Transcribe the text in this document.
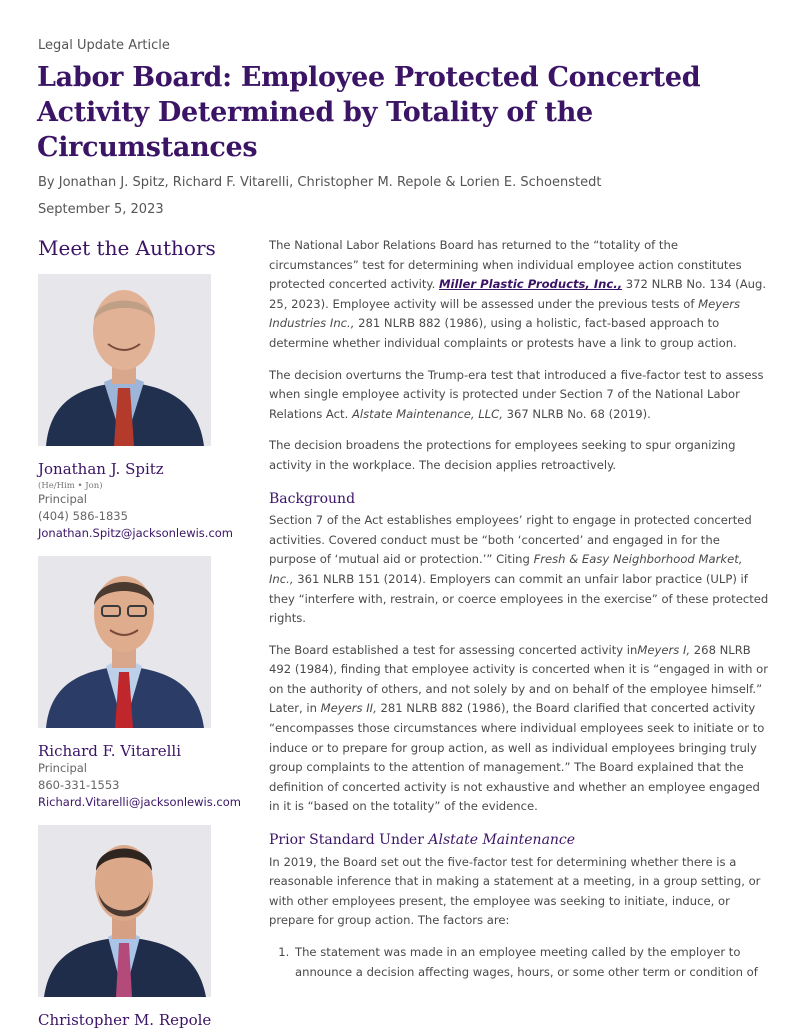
Legal Update Article
Labor Board: Employee Protected Concerted Activity Determined by Totality of the Circumstances
By Jonathan J. Spitz, Richard F. Vitarelli, Christopher M. Repole & Lorien E. Schoenstedt
September 5, 2023
Meet the Authors
Jonathan J. Spitz
(He/Him • Jon)
Principal
(404) 586-1835
Jonathan.Spitz@jacksonlewis.com
Richard F. Vitarelli
Principal
860-331-1553
Richard.Vitarelli@jacksonlewis.com
Christopher M. Repole

The National Labor Relations Board has returned to the “totality of the circumstances” test for determining when individual employee action constitutes protected concerted activity. Miller Plastic Products, Inc., 372 NLRB No. 134 (Aug. 25, 2023). Employee activity will be assessed under the previous tests of Meyers Industries Inc., 281 NLRB 882 (1986), using a holistic, fact-based approach to determine whether individual complaints or protests have a link to group action.

The decision overturns the Trump-era test that introduced a five-factor test to assess when single employee activity is protected under Section 7 of the National Labor Relations Act. Alstate Maintenance, LLC, 367 NLRB No. 68 (2019).

The decision broadens the protections for employees seeking to spur organizing activity in the workplace. The decision applies retroactively.

Background

Section 7 of the Act establishes employees’ right to engage in protected concerted activities. Covered conduct must be “both ‘concerted’ and engaged in for the purpose of ‘mutual aid or protection.’” Citing Fresh & Easy Neighborhood Market, Inc., 361 NLRB 151 (2014). Employers can commit an unfair labor practice (ULP) if they “interfere with, restrain, or coerce employees in the exercise” of these protected rights.

The Board established a test for assessing concerted activity inMeyers I, 268 NLRB 492 (1984), finding that employee activity is concerted when it is “engaged in with or on the authority of others, and not solely by and on behalf of the employee himself.” Later, in Meyers II, 281 NLRB 882 (1986), the Board clarified that concerted activity “encompasses those circumstances where individual employees seek to initiate or to induce or to prepare for group action, as well as individual employees bringing truly group complaints to the attention of management.” The Board explained that the definition of concerted activity is not exhaustive and whether an employee engaged in it is “based on the totality” of the evidence.

Prior Standard Under Alstate Maintenance

In 2019, the Board set out the five-factor test for determining whether there is a reasonable inference that in making a statement at a meeting, in a group setting, or with other employees present, the employee was seeking to initiate, induce, or prepare for group action. The factors are:

1. The statement was made in an employee meeting called by the employer to announce a decision affecting wages, hours, or some other term or condition of
